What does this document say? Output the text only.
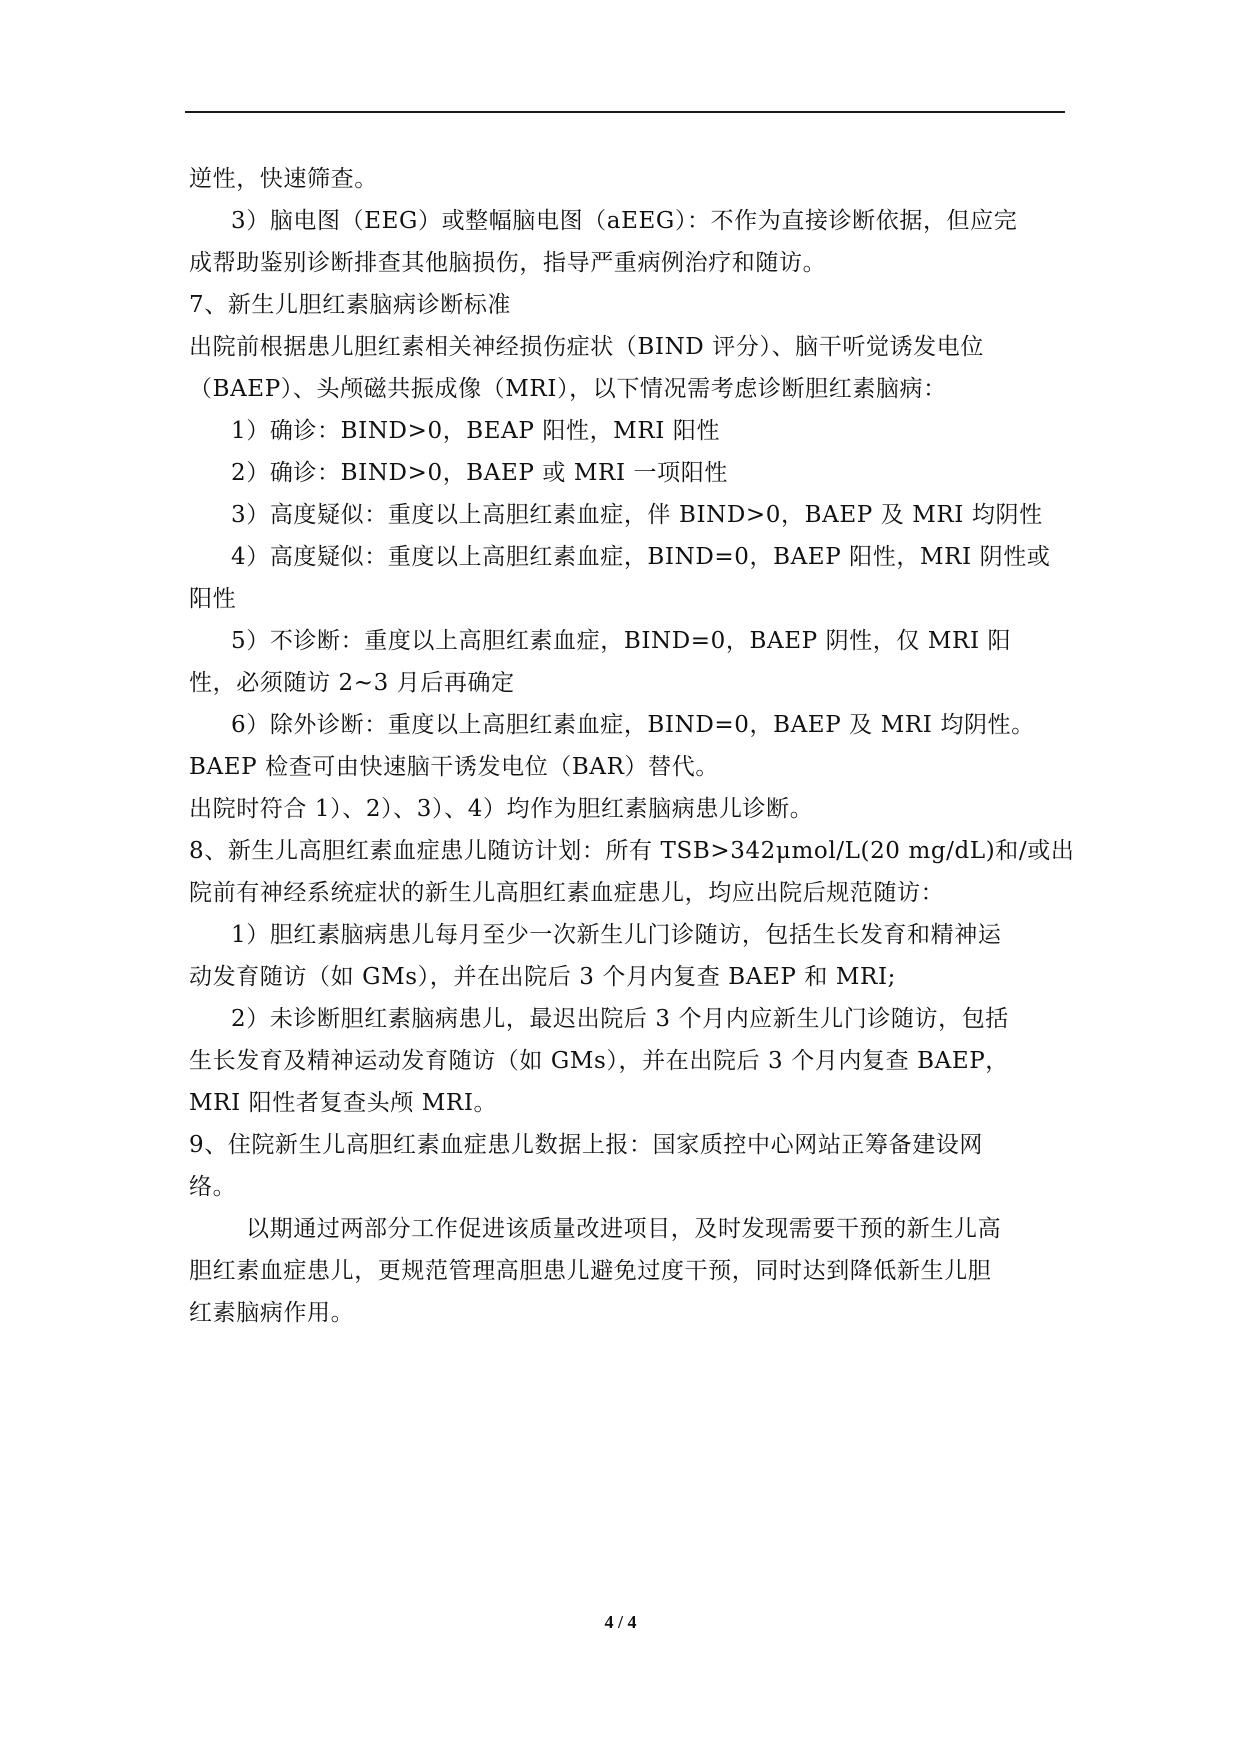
逆性，快速筛查。
3）脑电图（EEG）或整幅脑电图（aEEG）：不作为直接诊断依据，但应完
成帮助鉴别诊断排查其他脑损伤，指导严重病例治疗和随访。
7、新生儿胆红素脑病诊断标准
出院前根据患儿胆红素相关神经损伤症状（BIND 评分）、脑干听觉诱发电位
（BAEP）、头颅磁共振成像（MRI），以下情况需考虑诊断胆红素脑病：
1）确诊：BIND>0，BEAP 阳性，MRI 阳性
2）确诊：BIND>0，BAEP 或 MRI 一项阳性
3）高度疑似：重度以上高胆红素血症，伴 BIND>0，BAEP 及 MRI 均阴性
4）高度疑似：重度以上高胆红素血症，BIND=0，BAEP 阳性，MRI 阴性或
阳性
5）不诊断：重度以上高胆红素血症，BIND=0，BAEP 阴性，仅 MRI 阳
性，必须随访 2~3 月后再确定
6）除外诊断：重度以上高胆红素血症，BIND=0，BAEP 及 MRI 均阴性。
BAEP 检查可由快速脑干诱发电位（BAR）替代。
出院时符合 1）、2）、3）、4）均作为胆红素脑病患儿诊断。
8、新生儿高胆红素血症患儿随访计划：所有 TSB>342μmol/L(20 mg/dL)和/或出
院前有神经系统症状的新生儿高胆红素血症患儿，均应出院后规范随访：
1）胆红素脑病患儿每月至少一次新生儿门诊随访，包括生长发育和精神运
动发育随访（如 GMs），并在出院后 3 个月内复查 BAEP 和 MRI;
2）未诊断胆红素脑病患儿，最迟出院后 3 个月内应新生儿门诊随访，包括
生长发育及精神运动发育随访（如 GMs），并在出院后 3 个月内复查 BAEP，
MRI 阳性者复查头颅 MRI。
9、住院新生儿高胆红素血症患儿数据上报：国家质控中心网站正筹备建设网
络。
以期通过两部分工作促进该质量改进项目，及时发现需要干预的新生儿高
胆红素血症患儿，更规范管理高胆患儿避免过度干预，同时达到降低新生儿胆
红素脑病作用。
4 / 4
